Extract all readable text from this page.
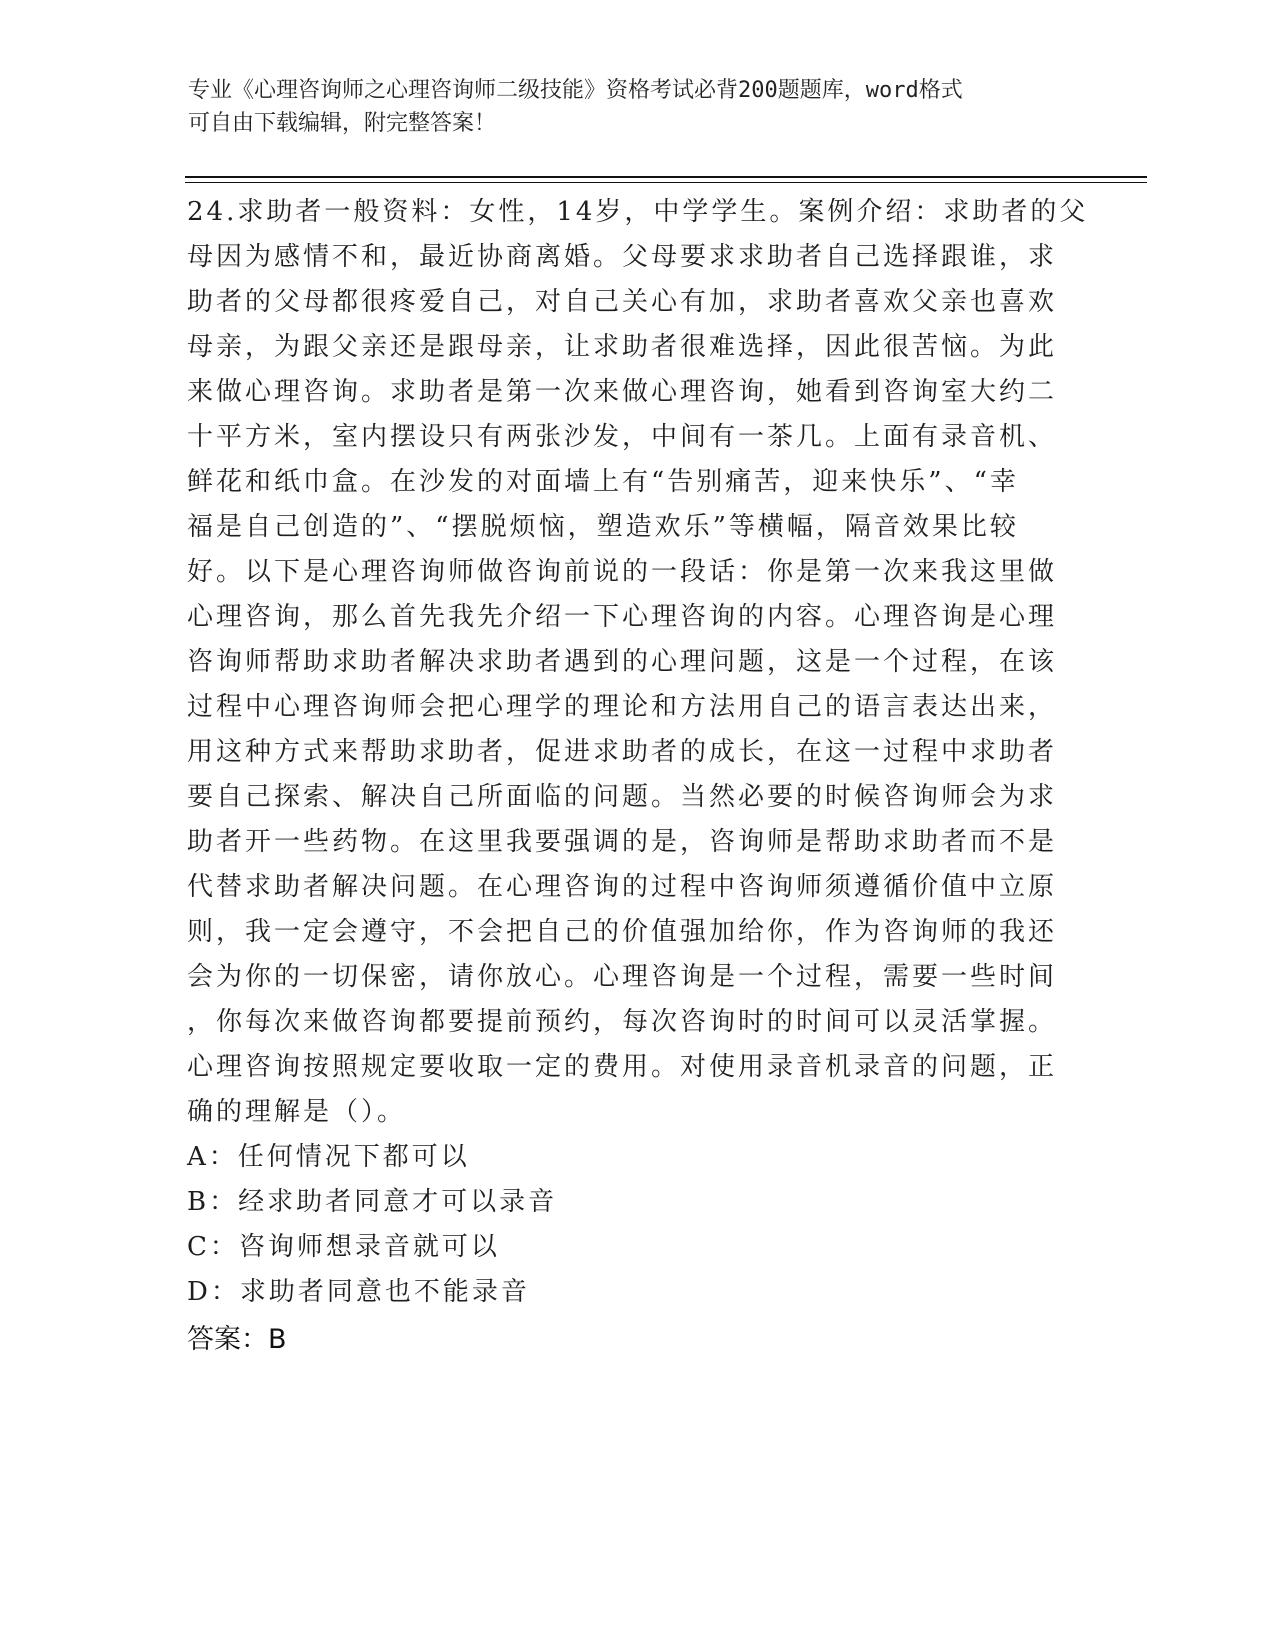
专业《心理咨询师之心理咨询师二级技能》资格考试必背200题题库，word格式
可自由下载编辑，附完整答案！
24.求助者一般资料：女性，14岁，中学学生。案例介绍：求助者的父
母因为感情不和，最近协商离婚。父母要求求助者自己选择跟谁，求
助者的父母都很疼爱自己，对自己关心有加，求助者喜欢父亲也喜欢
母亲，为跟父亲还是跟母亲，让求助者很难选择，因此很苦恼。为此
来做心理咨询。求助者是第一次来做心理咨询，她看到咨询室大约二
十平方米，室内摆设只有两张沙发，中间有一茶几。上面有录音机、
鲜花和纸巾盒。在沙发的对面墙上有“告别痛苦，迎来快乐”、“幸
福是自己创造的”、“摆脱烦恼，塑造欢乐”等横幅，隔音效果比较
好。以下是心理咨询师做咨询前说的一段话：你是第一次来我这里做
心理咨询，那么首先我先介绍一下心理咨询的内容。心理咨询是心理
咨询师帮助求助者解决求助者遇到的心理问题，这是一个过程，在该
过程中心理咨询师会把心理学的理论和方法用自己的语言表达出来，
用这种方式来帮助求助者，促进求助者的成长，在这一过程中求助者
要自己探索、解决自己所面临的问题。当然必要的时候咨询师会为求
助者开一些药物。在这里我要强调的是，咨询师是帮助求助者而不是
代替求助者解决问题。在心理咨询的过程中咨询师须遵循价值中立原
则，我一定会遵守，不会把自己的价值强加给你，作为咨询师的我还
会为你的一切保密，请你放心。心理咨询是一个过程，需要一些时间
，你每次来做咨询都要提前预约，每次咨询时的时间可以灵活掌握。
心理咨询按照规定要收取一定的费用。对使用录音机录音的问题，正
确的理解是（）。
A：任何情况下都可以
B：经求助者同意才可以录音
C：咨询师想录音就可以
D：求助者同意也不能录音
答案：B
